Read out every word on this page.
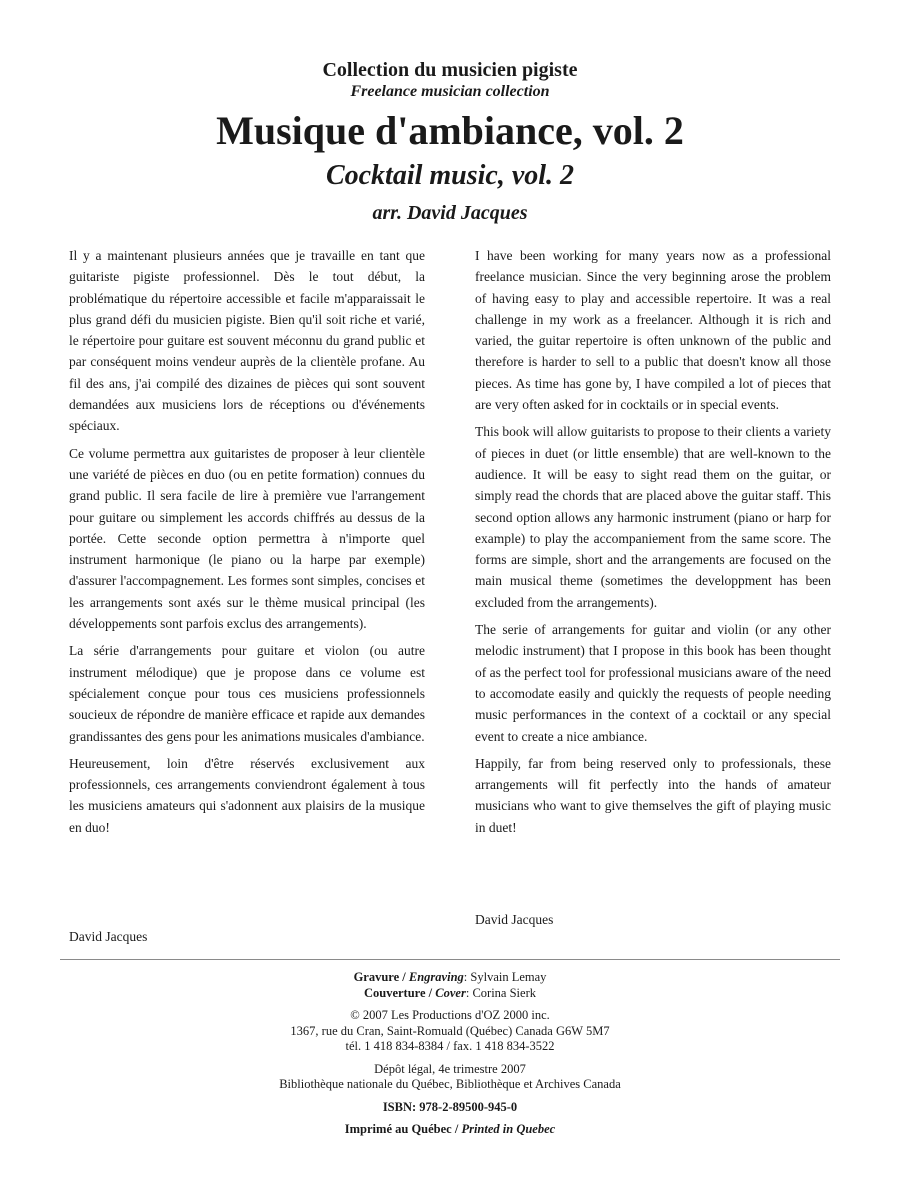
Collection du musicien pigiste
Freelance musician collection
Musique d'ambiance, vol. 2
Cocktail music, vol. 2
arr. David Jacques

Il y a maintenant plusieurs années que je travaille en tant que guitariste pigiste professionnel. Dès le tout début, la problématique du répertoire accessible et facile m'apparaissait le plus grand défi du musicien pigiste. Bien qu'il soit riche et varié, le répertoire pour guitare est souvent méconnu du grand public et par conséquent moins vendeur auprès de la clientèle profane. Au fil des ans, j'ai compilé des dizaines de pièces qui sont souvent demandées aux musiciens lors de réceptions ou d'événements spéciaux.

Ce volume permettra aux guitaristes de proposer à leur clientèle une variété de pièces en duo (ou en petite formation) connues du grand public. Il sera facile de lire à première vue l'arrangement pour guitare ou simplement les accords chiffrés au dessus de la portée. Cette seconde option permettra à n'importe quel instrument harmonique (le piano ou la harpe par exemple) d'assurer l'accompagnement. Les formes sont simples, concises et les arrangements sont axés sur le thème musical principal (les développements sont parfois exclus des arrangements).

La série d'arrangements pour guitare et violon (ou autre instrument mélodique) que je propose dans ce volume est spécialement conçue pour tous ces musiciens professionnels soucieux de répondre de manière efficace et rapide aux demandes grandissantes des gens pour les animations musicales d'ambiance.

Heureusement, loin d'être réservés exclusivement aux professionnels, ces arrangements conviendront également à tous les musiciens amateurs qui s'adonnent aux plaisirs de la musique en duo!

David Jacques

I have been working for many years now as a professional freelance musician. Since the very beginning arose the problem of having easy to play and accessible repertoire. It was a real challenge in my work as a freelancer. Although it is rich and varied, the guitar repertoire is often unknown of the public and therefore is harder to sell to a public that doesn't know all those pieces. As time has gone by, I have compiled a lot of pieces that are very often asked for in cocktails or in special events.

This book will allow guitarists to propose to their clients a variety of pieces in duet (or little ensemble) that are well-known to the audience. It will be easy to sight read them on the guitar, or simply read the chords that are placed above the guitar staff. This second option allows any harmonic instrument (piano or harp for example) to play the accompaniement from the same score. The forms are simple, short and the arrangements are focused on the main musical theme (sometimes the developpment has been excluded from the arrangements).

The serie of arrangements for guitar and violin (or any other melodic instrument) that I propose in this book has been thought of as the perfect tool for professional musicians aware of the need to accomodate easily and quickly the requests of people needing music performances in the context of a cocktail or any special event to create a nice ambiance.

Happily, far from being reserved only to professionals, these arrangements will fit perfectly into the hands of amateur musicians who want to give themselves the gift of playing music in duet!

David Jacques
Gravure / Engraving: Sylvain Lemay
Couverture / Cover: Corina Sierk
© 2007 Les Productions d'OZ 2000 inc.
1367, rue du Cran, Saint-Romuald (Québec) Canada G6W 5M7
tél. 1 418 834-8384 / fax. 1 418 834-3522
Dépôt légal, 4e trimestre 2007
Bibliothèque nationale du Québec, Bibliothèque et Archives Canada
ISBN: 978-2-89500-945-0
Imprimé au Québec / Printed in Quebec
